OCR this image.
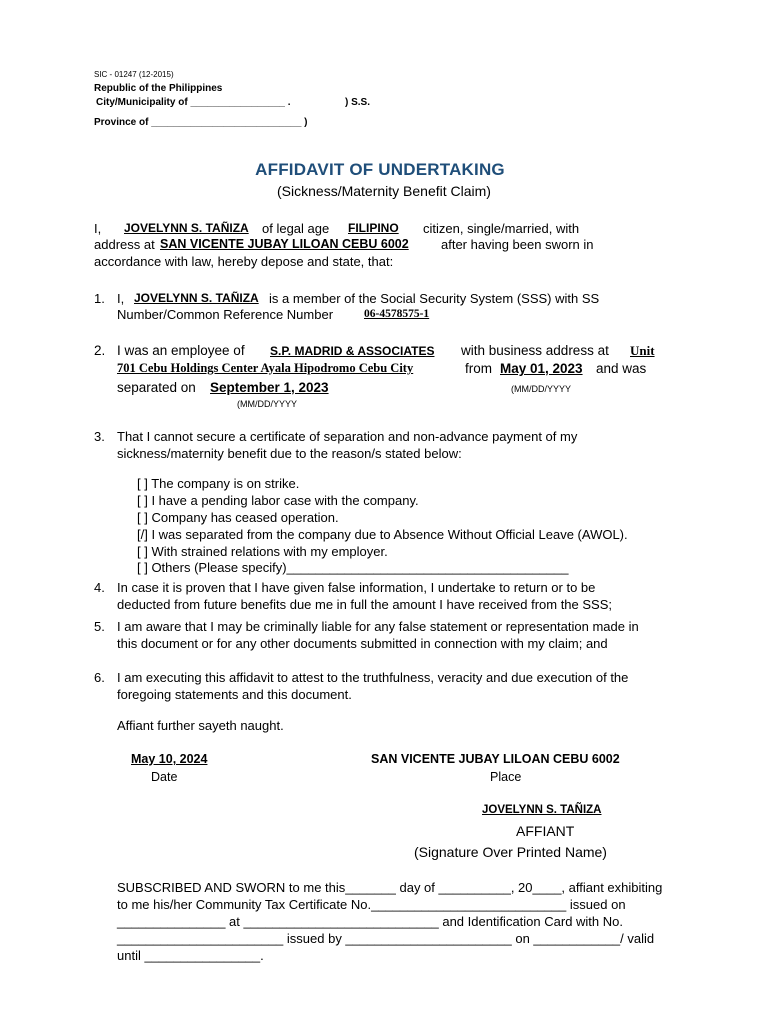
SIC - 01247 (12-2015)
Republic of the Philippines
City/Municipality of _________________ .	) S.S.
Province of ___________________________ )
AFFIDAVIT OF UNDERTAKING
(Sickness/Maternity Benefit Claim)
I, JOVELYNN S. TAÑIZA of legal age FILIPINO citizen, single/married, with
address at SAN VICENTE JUBAY LILOAN CEBU 6002 after having been sworn in
accordance with law, hereby depose and state, that:
1. I, JOVELYNN S. TAÑIZA is a member of the Social Security System (SSS) with SS
Number/Common Reference Number	06-4578575-1
2. I was an employee of S.P. MADRID & ASSOCIATES with business address at Unit
701 Cebu Holdings Center Ayala Hipodromo Cebu City	from May 01, 2023 and was
separated on September 1, 2023	(MM/DD/YYYY
(MM/DD/YYYY
3. That I cannot secure a certificate of separation and non-advance payment of my
sickness/maternity benefit due to the reason/s stated below:
[ ] The company is on strike.
[ ] I have a pending labor case with the company.
[ ] Company has ceased operation.
[/] I was separated from the company due to Absence Without Official Leave (AWOL).
[ ] With strained relations with my employer.
[ ] Others (Please specify)_______________________________________
4. In case it is proven that I have given false information, I undertake to return or to be
deducted from future benefits due me in full the amount I have received from the SSS;
5. I am aware that I may be criminally liable for any false statement or representation made in
this document or for any other documents submitted in connection with my claim; and
6. I am executing this affidavit to attest to the truthfulness, veracity and due execution of the
foregoing statements and this document.
Affiant further sayeth naught.
May 10, 2024
Date
SAN VICENTE JUBAY LILOAN CEBU 6002
Place
JOVELYNN S. TAÑIZA
AFFIANT
(Signature Over Printed Name)
SUBSCRIBED AND SWORN to me this_______ day of __________, 20____, affiant exhibiting
to me his/her Community Tax Certificate No.___________________________ issued on
_______________ at ___________________________ and Identification Card with No.
_______________________ issued by _______________________ on ____________/ valid
until ________________.
